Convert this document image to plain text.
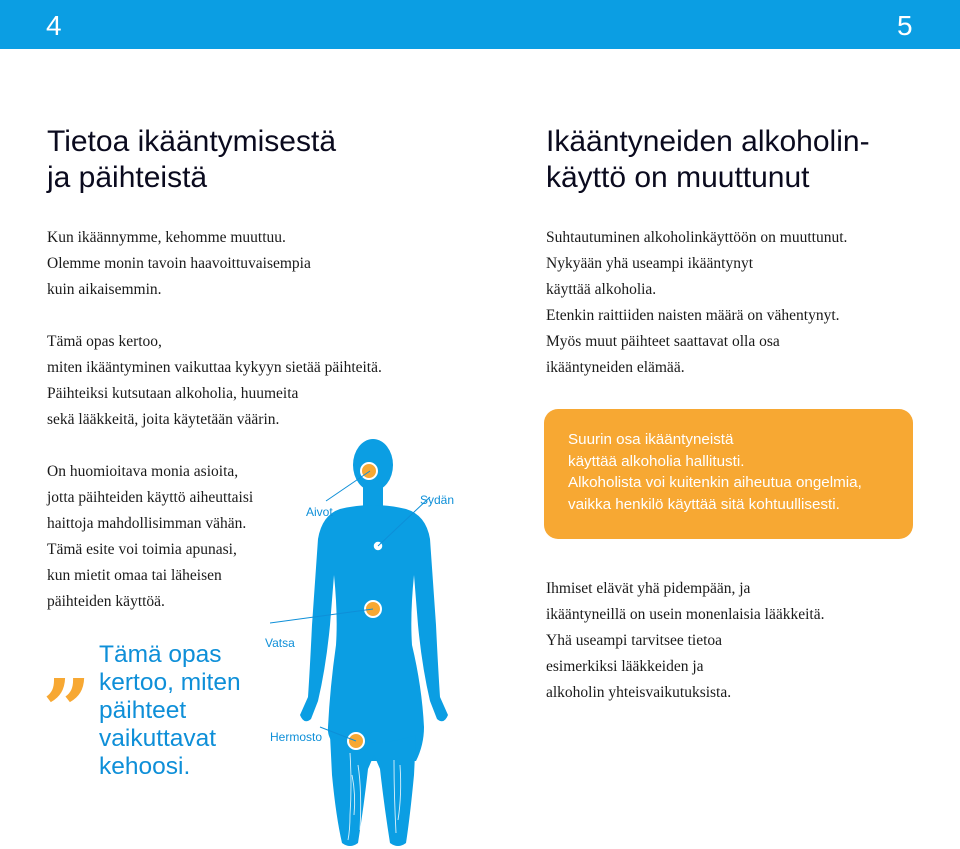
4	5
Tietoa ikääntymisestä
ja päihteistä

Kun ikäännymme, kehomme muuttuu.
Olemme monin tavoin haavoittuvaisempia
kuin aikaisemmin.

Tämä opas kertoo,
miten ikääntyminen vaikuttaa kykyyn sietää päihteitä.
Päihteiksi kutsutaan alkoholia, huumeita
sekä lääkkeitä, joita käytetään väärin.

On huomioitava monia asioita,
jotta päihteiden käyttö aiheuttaisi
haittoja mahdollisimman vähän.
Tämä esite voi toimia apunasi,
kun mietit omaa tai läheisen
päihteiden käyttöä.

„ Tämä opas
kertoo, miten
päihteet
vaikuttavat
kehoosi.
Aivot
Sydän
Vatsa
Hermosto
Ikääntyneiden alkoholin-
käyttö on muuttunut

Suhtautuminen alkoholinkäyttöön on muuttunut.
Nykyään yhä useampi ikääntynyt
käyttää alkoholia.
Etenkin raittiiden naisten määrä on vähentynyt.
Myös muut päihteet saattavat olla osa
ikääntyneiden elämää.

Suurin osa ikääntyneistä
käyttää alkoholia hallitusti.
Alkoholista voi kuitenkin aiheutua ongelmia,
vaikka henkilö käyttää sitä kohtuullisesti.

Ihmiset elävät yhä pidempään, ja
ikääntyneillä on usein monenlaisia lääkkeitä.
Yhä useampi tarvitsee tietoa
esimerkiksi lääkkeiden ja
alkoholin yhteisvaikutuksista.
